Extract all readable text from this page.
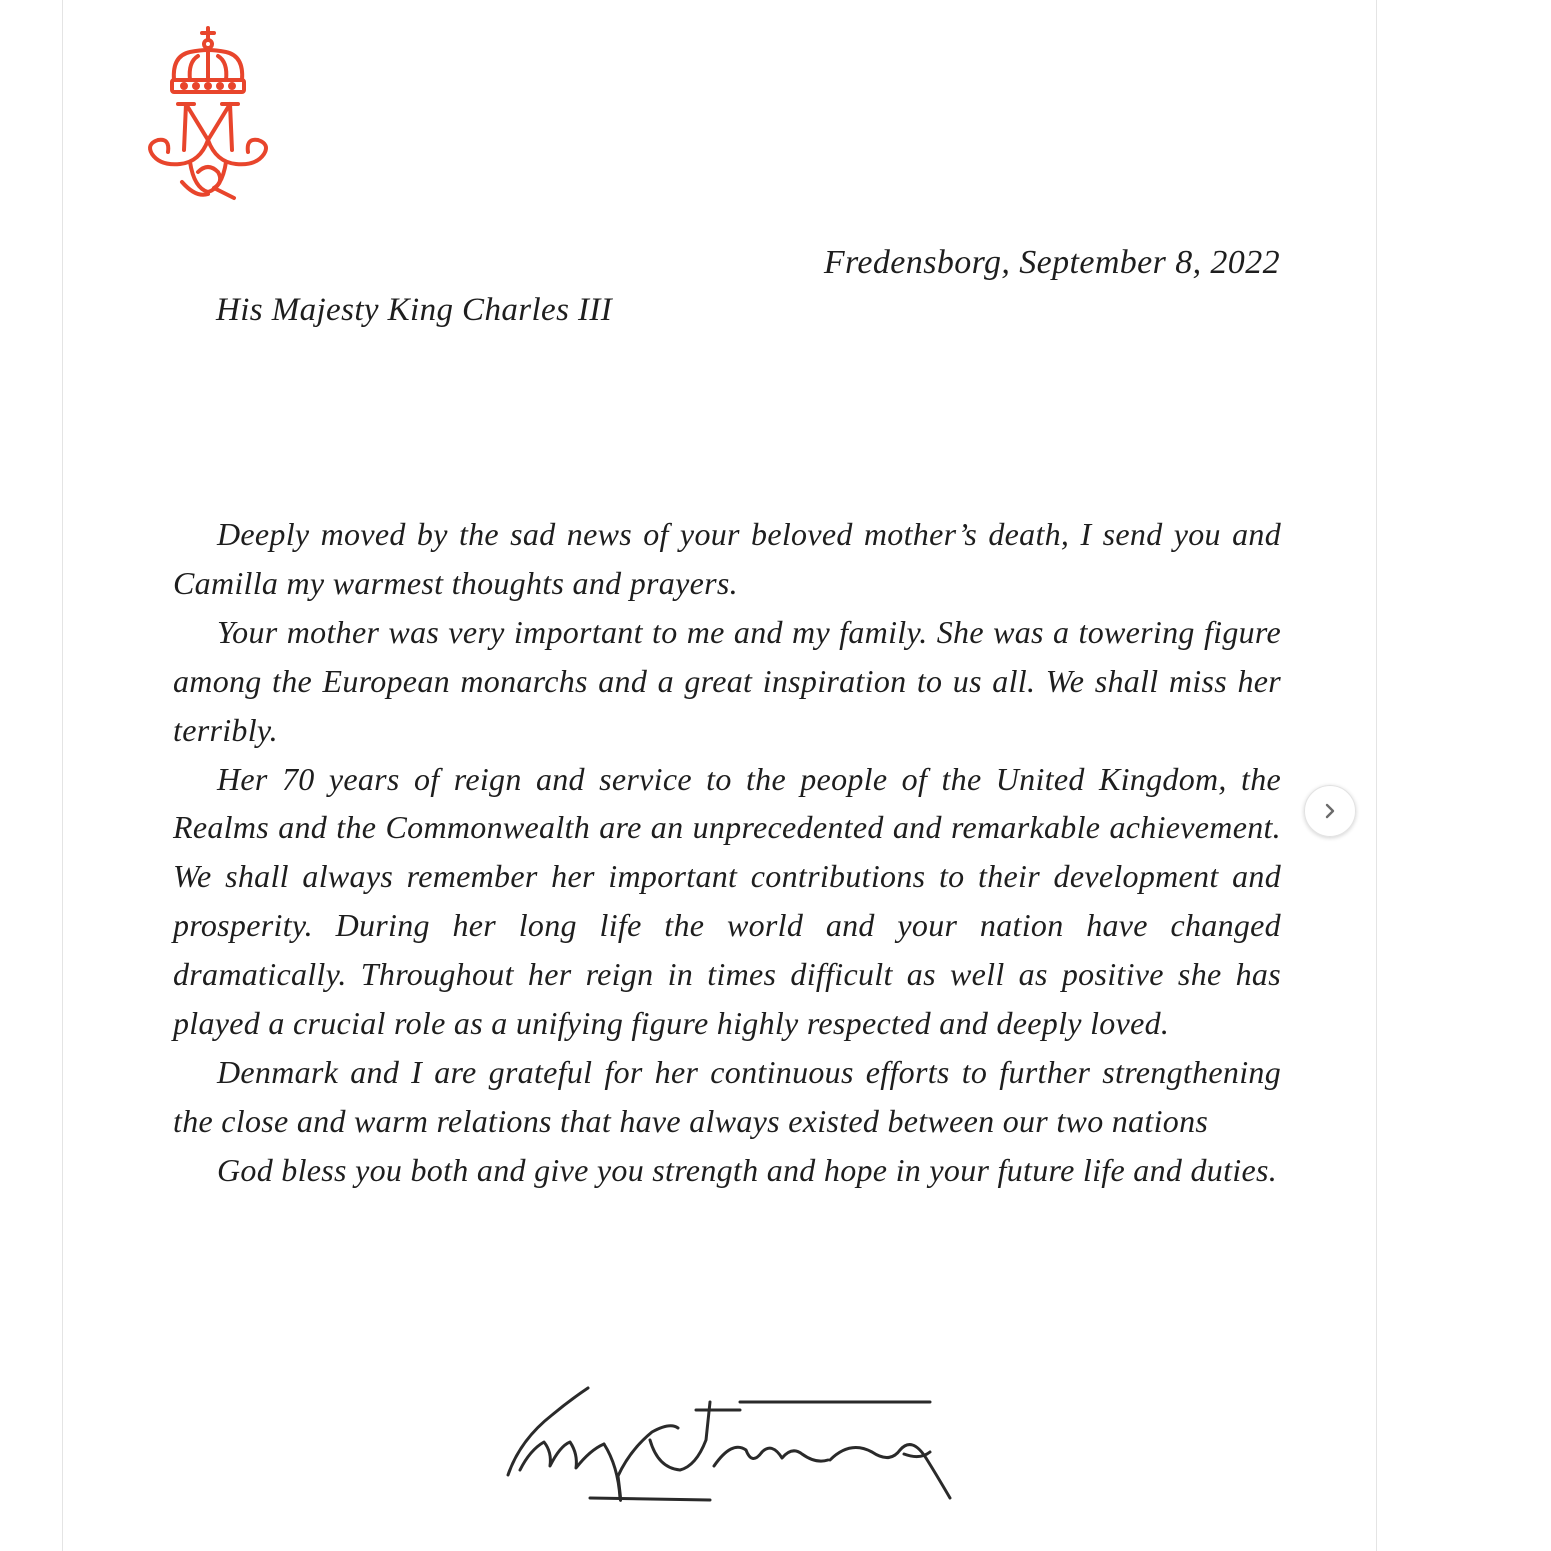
Fredensborg, September 8, 2022
His Majesty King Charles III

Deeply moved by the sad news of your beloved mother’s death, I send you and Camilla my warmest thoughts and prayers.

Your mother was very important to me and my family. She was a towering figure among the European monarchs and a great inspiration to us all. We shall miss her terribly.

Her 70 years of reign and service to the people of the United Kingdom, the Realms and the Commonwealth are an unprecedented and remarkable achievement. We shall always remember her important contributions to their development and prosperity. During her long life the world and your nation have changed dramatically. Throughout her reign in times difficult as well as positive she has played a crucial role as a unifying figure highly respected and deeply loved.

Denmark and I are grateful for her continuous efforts to further strengthening the close and warm relations that have always existed between our two nations

God bless you both and give you strength and hope in your future life and duties.
